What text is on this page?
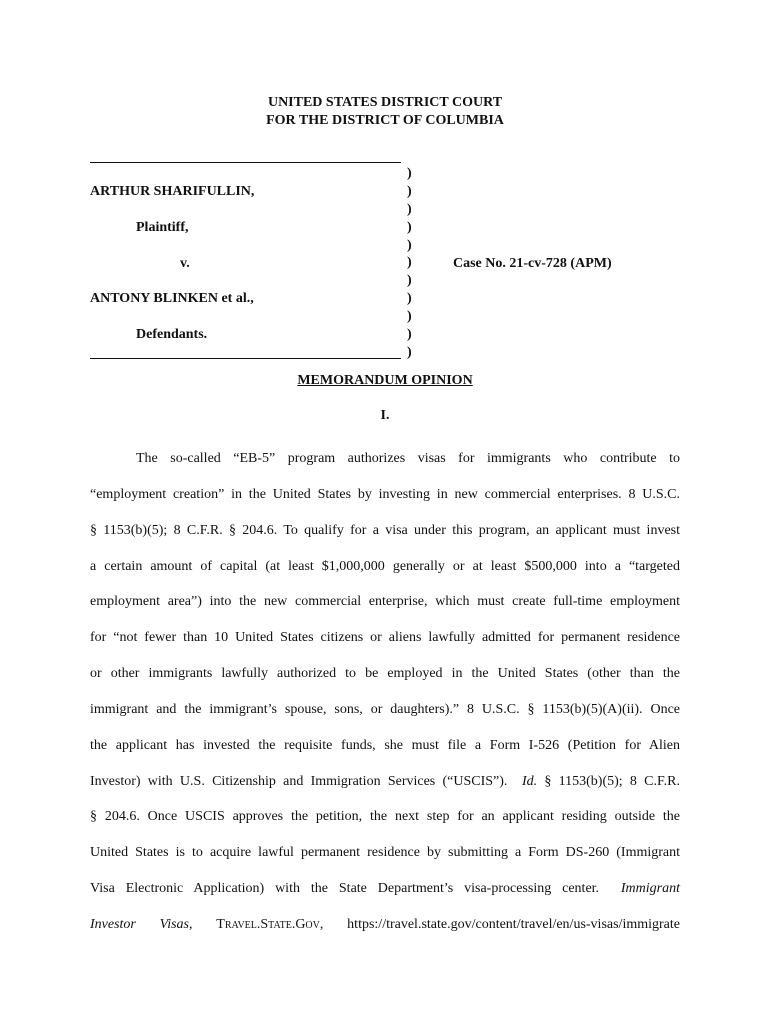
UNITED STATES DISTRICT COURT
FOR THE DISTRICT OF COLUMBIA
)
)
)
)
)
)
)
)
)
)
)
ARTHUR SHARIFULLIN,
Plaintiff,
v.
ANTONY BLINKEN et al.,
Defendants.
Case No. 21-cv-728 (APM)
MEMORANDUM OPINION
I.
The so-called “EB-5” program authorizes visas for immigrants who contribute to
“employment creation” in the United States by investing in new commercial enterprises. 8 U.S.C.
§ 1153(b)(5); 8 C.F.R. § 204.6. To qualify for a visa under this program, an applicant must invest
a certain amount of capital (at least $1,000,000 generally or at least $500,000 into a “targeted
employment area”) into the new commercial enterprise, which must create full-time employment
for “not fewer than 10 United States citizens or aliens lawfully admitted for permanent residence
or other immigrants lawfully authorized to be employed in the United States (other than the
immigrant and the immigrant’s spouse, sons, or daughters).” 8 U.S.C. § 1153(b)(5)(A)(ii). Once
the applicant has invested the requisite funds, she must file a Form I-526 (Petition for Alien
Investor) with U.S. Citizenship and Immigration Services (“USCIS”). Id. § 1153(b)(5); 8 C.F.R.
§ 204.6. Once USCIS approves the petition, the next step for an applicant residing outside the
United States is to acquire lawful permanent residence by submitting a Form DS-260 (Immigrant
Visa Electronic Application) with the State Department’s visa-processing center. Immigrant
Investor Visas, Travel.State.Gov, https://travel.state.gov/content/travel/en/us-visas/immigrate
